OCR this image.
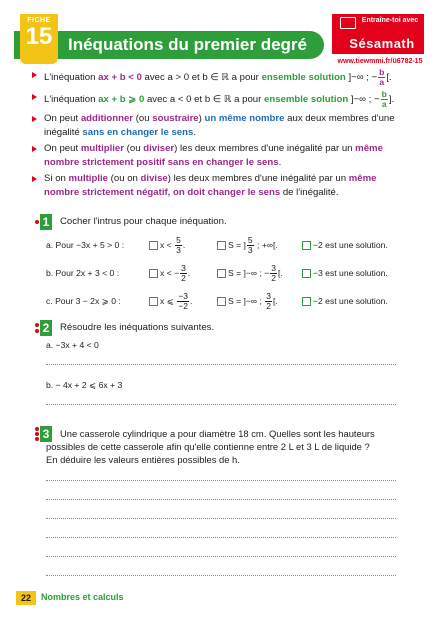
FICHE
15 Inéquations du premier degré
Entraîne-toi avec
Sésamath
www.tiewmmi.fr/ü6782-15
L'inéquation ax + b < 0 avec a > 0 et b ∈ ℝ a pour ensemble solution ]−∞ ; − $\frac{b}{a}$ [.
L'inéquation ax + b ⩾ 0 avec a < 0 et b ∈ ℝ a pour ensemble solution ]−∞ ; − $\frac{b}{a}$ ].
On peut additionner (ou soustraire) un même nombre aux deux membres d'une inégalité sans en changer le sens.
On peut multiplier (ou diviser) les deux membres d'une inégalité par un même nombre strictement positif sans en changer le sens.
Si on multiplie (ou on divise) les deux membres d'une inégalité par un même nombre strictement négatif, on doit changer le sens de l'inégalité.
1 Cocher l'intrus pour chaque inéquation.
a. Pour −3x + 5 > 0 :	$x < \frac{5}{3}$ .	S = ] $\frac{5}{3}$ ; +∞[.	−2 est une solution.
b. Pour 2x + 3 < 0 :	x < − $\frac{3}{2}$ .	S = ]−∞ ; − $\frac{3}{2}$ [.	−3 est une solution.
c. Pour 3 − 2x ⩾ 0 :	x ⩽ $\frac{-3}{-2}$ .	S = ]−∞ ; $\frac{3}{2}$ [.	−2 est une solution.
2 Résoudre les inéquations suivantes.
a. −3x + 4 < 0
b. − 4x + 2 ⩽ 6x + 3
3 Une casserole cylindrique a pour diamètre 18 cm. Quelles sont les hauteurs
possibles de cette casserole afin qu'elle contienne entre 2 L et 3 L de liquide ?
En déduire les valeurs entières possibles de h.
22	Nombres et calculs
